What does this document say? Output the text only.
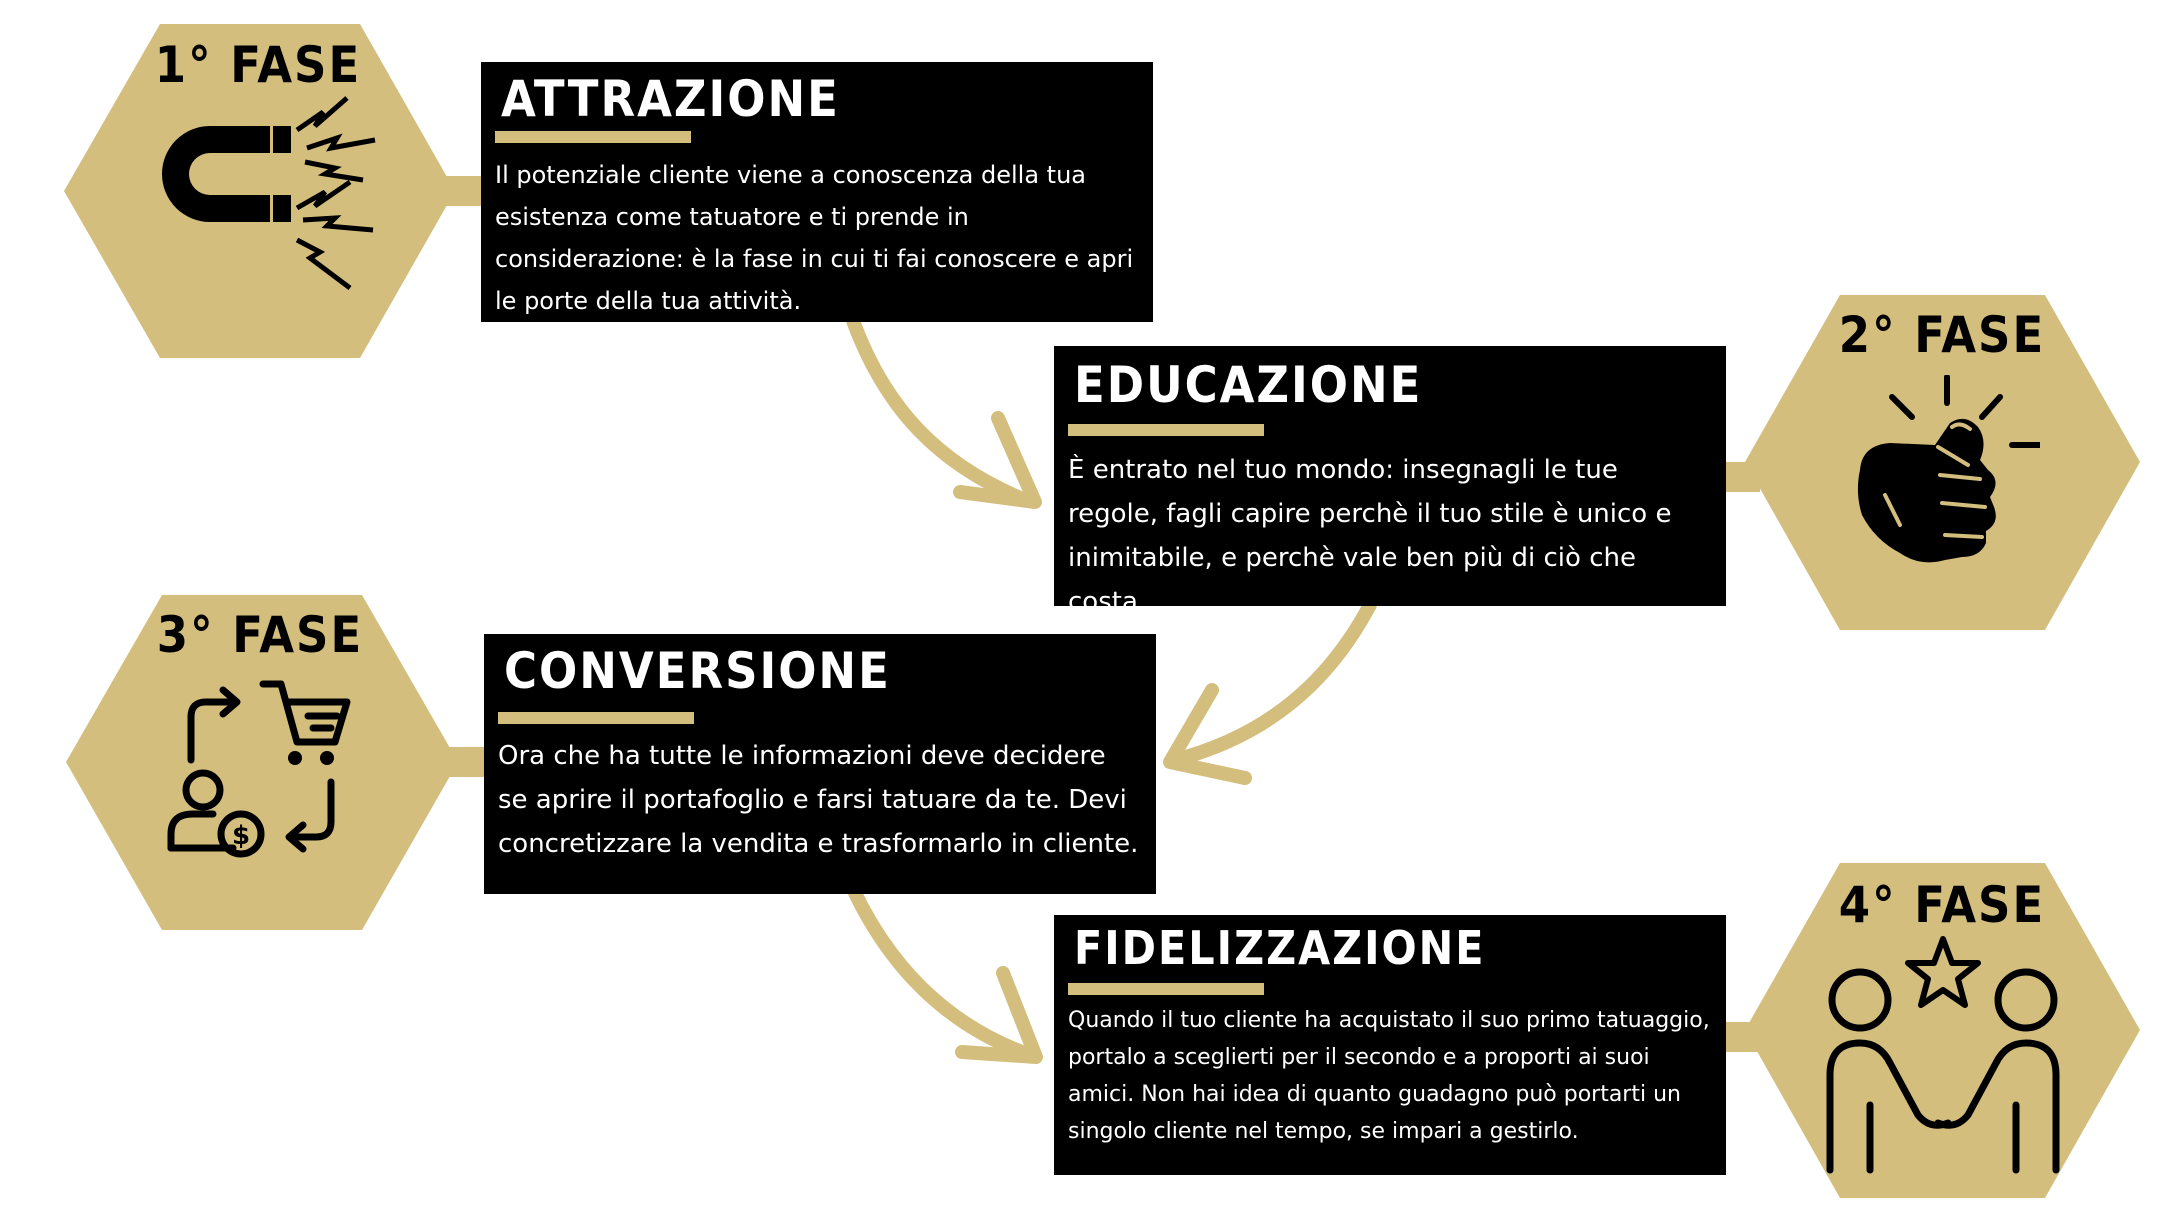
1° FASE
2° FASE
3° FASE
4° FASE
$
ATTRAZIONE
Il potenziale cliente viene a conoscenza della tua esistenza come tatuatore e ti prende in considerazione: è la fase in cui ti fai conoscere e apri le porte della tua attività.
EDUCAZIONE
È entrato nel tuo mondo: insegnagli le tue regole, fagli capire perchè il tuo stile è unico e inimitabile, e perchè vale ben più di ciò che costa
CONVERSIONE
Ora che ha tutte le informazioni deve decidere se aprire il portafoglio e farsi tatuare da te. Devi concretizzare la vendita e trasformarlo in cliente.
FIDELIZZAZIONE
Quando il tuo cliente ha acquistato il suo primo tatuaggio, portalo a sceglierti per il secondo e a proporti ai suoi amici. Non hai idea di quanto guadagno può portarti un singolo cliente nel tempo, se impari a gestirlo.
